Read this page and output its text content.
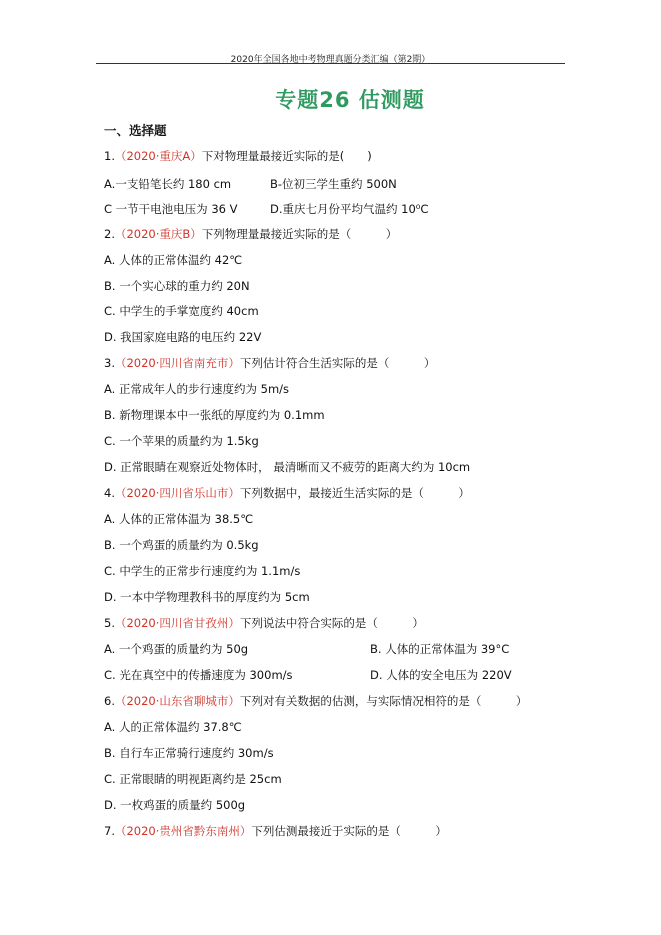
2020年全国各地中考物理真题分类汇编（第2期）
专题26 估测题
一、选择题
1.（2020·重庆A）下对物理量最接近实际的是(　　)
A.一支铅笔长约 180 cm	B-位初三学生重约 500N
C 一节干电池电压为 36 V	D.重庆七月份平均气温约 10⁰C
2.（2020·重庆B）下列物理量最接近实际的是（　　　）
A. 人体的正常体温约 42℃
B. 一个实心球的重力约 20N
C. 中学生的手掌宽度约 40cm
D. 我国家庭电路的电压约 22V
3.（2020·四川省南充市）下列估计符合生活实际的是（　　　）
A. 正常成年人的步行速度约为 5m/s
B. 新物理课本中一张纸的厚度约为 0.1mm
C. 一个苹果的质量约为 1.5kg
D. 正常眼睛在观察近处物体时， 最清晰而又不疲劳的距离大约为 10cm
4.（2020·四川省乐山市）下列数据中，最接近生活实际的是（　　　）
A. 人体的正常体温为 38.5℃
B. 一个鸡蛋的质量约为 0.5kg
C. 中学生的正常步行速度约为 1.1m/s
D. 一本中学物理教科书的厚度约为 5cm
5.（2020·四川省甘孜州）下列说法中符合实际的是（　　　）
A. 一个鸡蛋的质量约为 50g	B. 人体的正常体温为 39°C
C. 光在真空中的传播速度为 300m/s	D. 人体的安全电压为 220V
6.（2020·山东省聊城市）下列对有关数据的估测，与实际情况相符的是（　　　）
A. 人的正常体温约 37.8℃
B. 自行车正常骑行速度约 30m/s
C. 正常眼睛的明视距离约是 25cm
D. 一枚鸡蛋的质量约 500g
7.（2020·贵州省黔东南州）下列估测最接近于实际的是（　　　）
